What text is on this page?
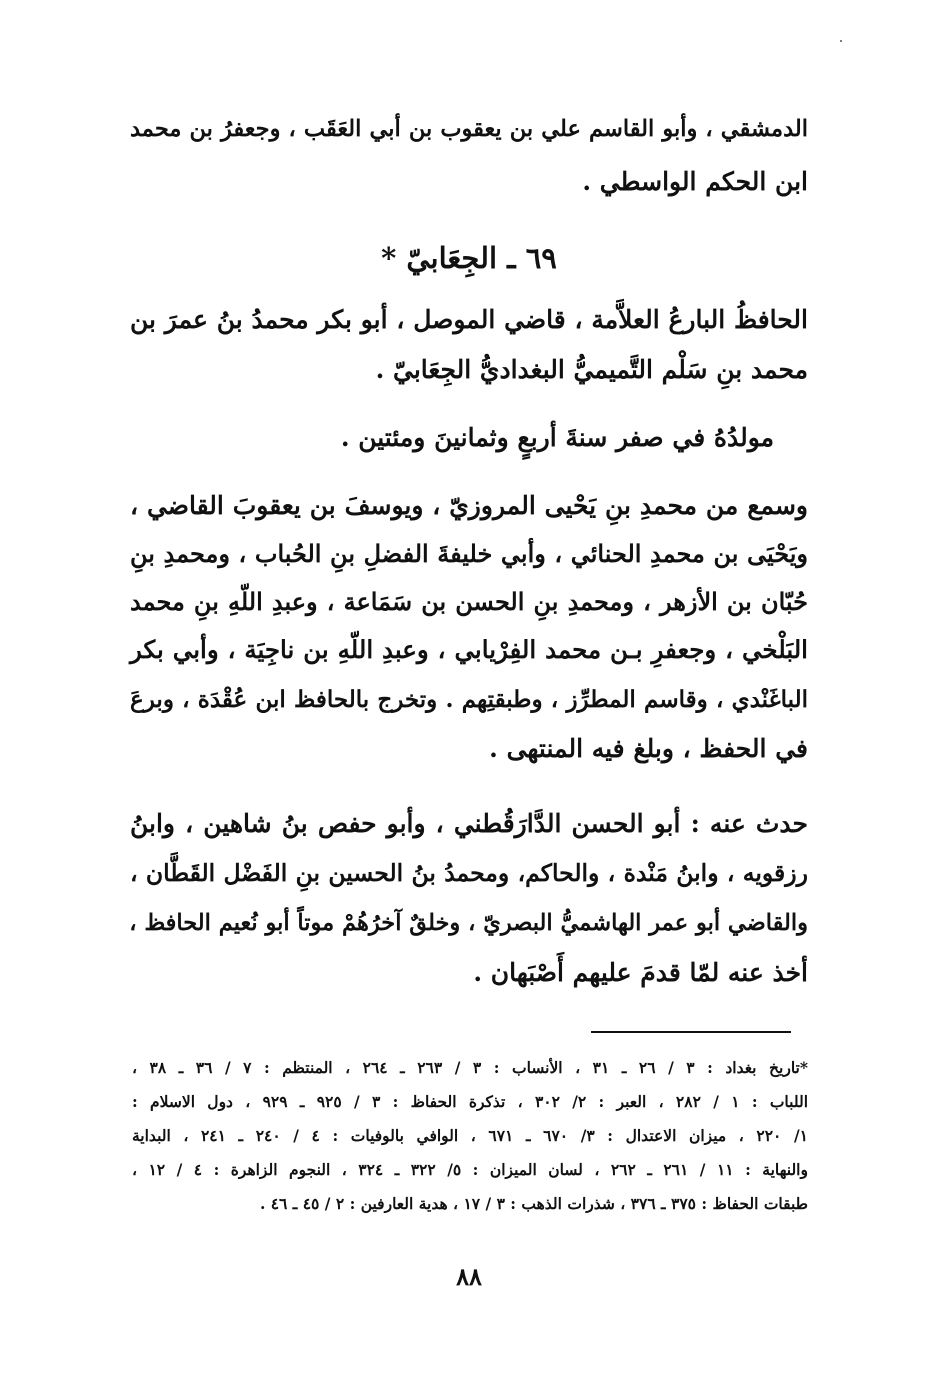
الدمشقي ، وأبو القاسم علي بن يعقوب بن أبي العَقَب ، وجعفرُ بن محمد
ابن الحكم الواسطي .
٦٩ ـ الجِعَابيّ *
الحافظُ البارعُ العلاَّمة ، قاضي الموصل ، أبو بكر محمدُ بنُ عمرَ بن
محمد بنِ سَلْم التَّميميُّ البغداديُّ الجِعَابيّ .
مولدُهُ في صفر سنةَ أربعٍ وثمانينَ ومئتين .
وسمع من محمدِ بنِ يَحْيى المروزيّ ، ويوسفَ بن يعقوبَ القاضي ،
ويَحْيَى بن محمدِ الحنائي ، وأبي خليفةَ الفضلِ بنِ الحُباب ، ومحمدِ بنِ
حُبّان بن الأزهر ، ومحمدِ بنِ الحسن بن سَمَاعة ، وعبدِ اللّهِ بنِ محمد
البَلْخي ، وجعفرِ بـن محمد الفِرْيابي ، وعبدِ اللّهِ بن ناجِيَة ، وأبي بكر
الباغَنْدي ، وقاسم المطرِّز ، وطبقتِهم . وتخرج بالحافظ ابن عُقْدَة ، وبرعَ
في الحفظ ، وبلغ فيه المنتهى .
حدث عنه : أبو الحسن الدَّارَقُطني ، وأبو حفص بنُ شاهين ، وابنُ
رزقويه ، وابنُ مَنْدة ، والحاكم، ومحمدُ بنُ الحسين بنِ الفَضْل القَطَّان ،
والقاضي أبو عمر الهاشميُّ البصريّ ، وخلقٌ آخرُهُمْ موتاً أبو نُعيم الحافظ ،
أخذ عنه لمّا قدمَ عليهم أَصْبَهان .
*تاريخ بغداد : ٣ / ٢٦ ـ ٣١ ، الأنساب : ٣ / ٢٦٣ ـ ٢٦٤ ، المنتظم : ٧ / ٣٦ ـ ٣٨ ،
اللباب : ١ / ٢٨٢ ، العبر : ٢/ ٣٠٢ ، تذكرة الحفاظ : ٣ / ٩٢٥ ـ ٩٢٩ ، دول الاسلام :
١/ ٢٢٠ ، ميزان الاعتدال : ٣/ ٦٧٠ ـ ٦٧١ ، الوافي بالوفيات : ٤ / ٢٤٠ ـ ٢٤١ ، البداية
والنهاية : ١١ / ٢٦١ ـ ٢٦٢ ، لسان الميزان : ٥/ ٣٢٢ ـ ٣٢٤ ، النجوم الزاهرة : ٤ / ١٢ ،
طبقات الحفاظ : ٣٧٥ ـ ٣٧٦ ، شذرات الذهب : ٣ / ١٧ ، هدية العارفين : ٢ / ٤٥ ـ ٤٦ .
٨٨
